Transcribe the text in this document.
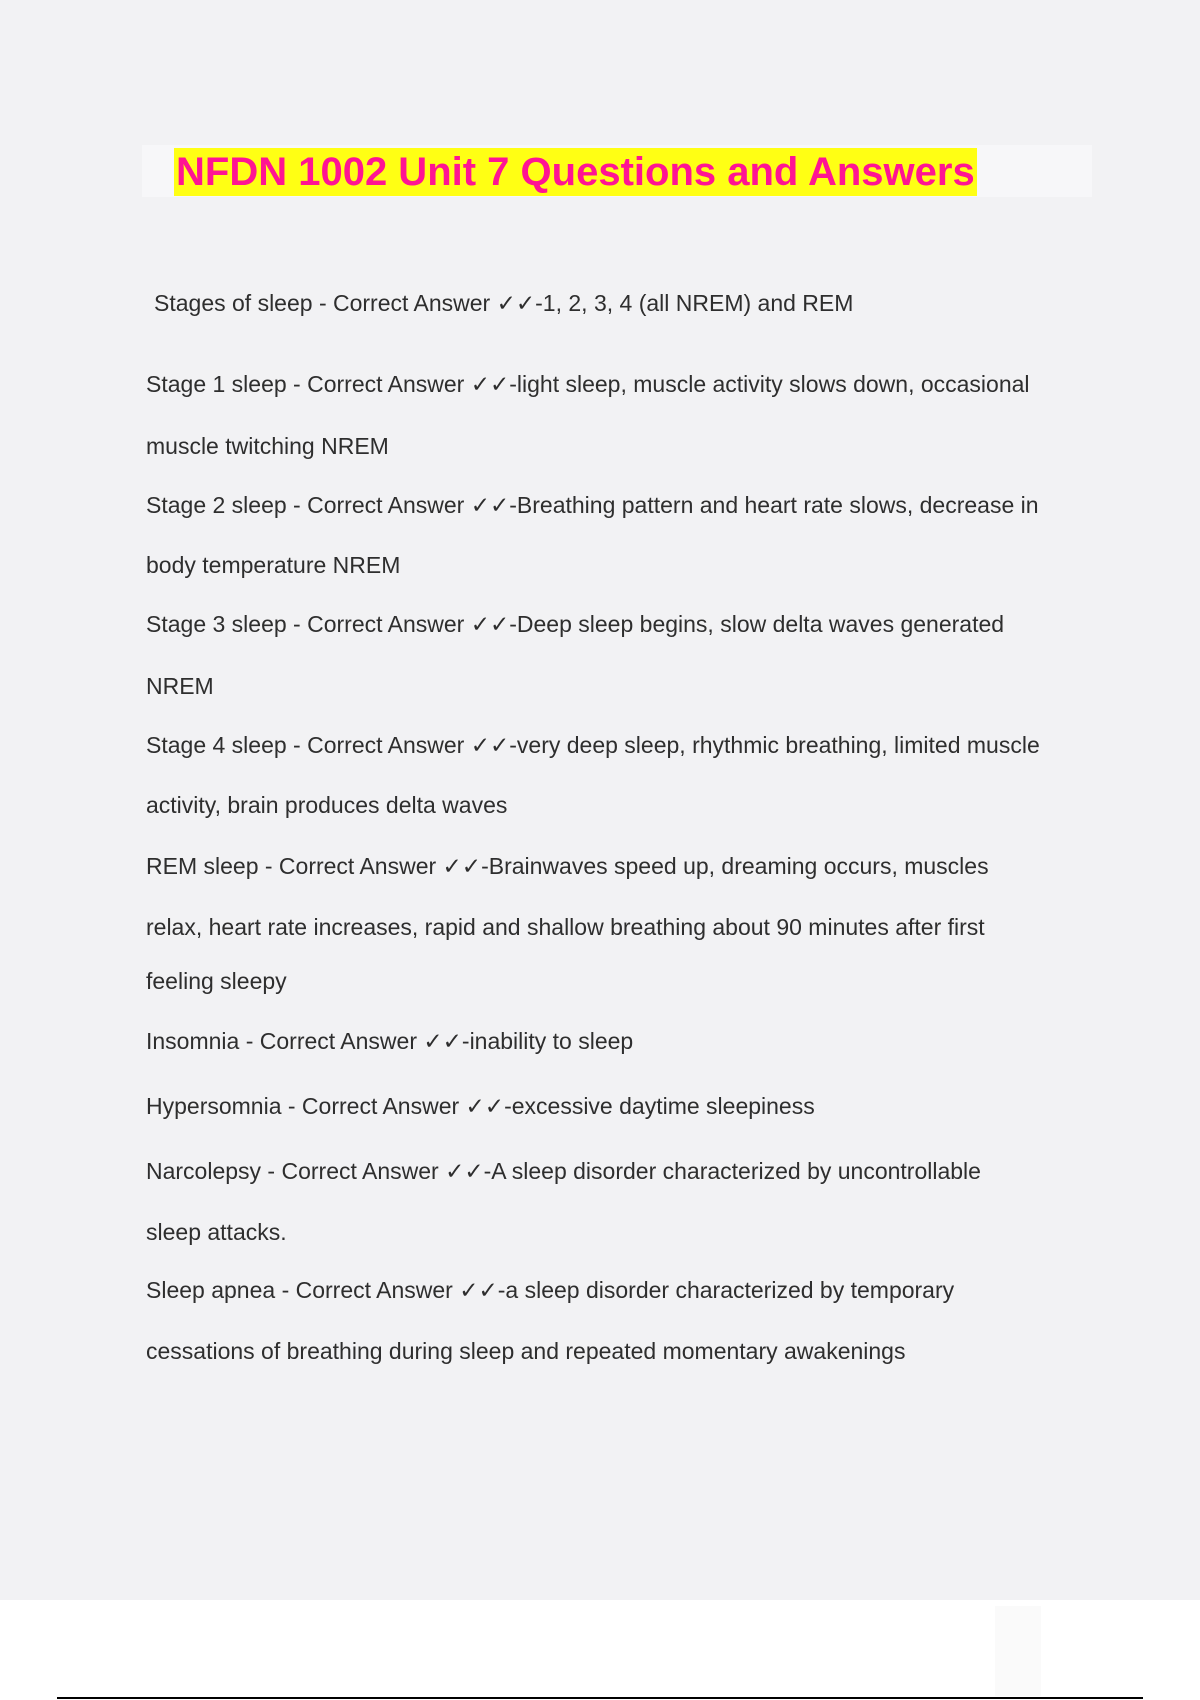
NFDN 1002 Unit 7 Questions and Answers
Stages of sleep - Correct Answer ✓✓-1, 2, 3, 4 (all NREM) and REM
Stage 1 sleep - Correct Answer ✓✓-light sleep, muscle activity slows down, occasional
muscle twitching NREM
Stage 2 sleep - Correct Answer ✓✓-Breathing pattern and heart rate slows, decrease in
body temperature NREM
Stage 3 sleep - Correct Answer ✓✓-Deep sleep begins, slow delta waves generated
NREM
Stage 4 sleep - Correct Answer ✓✓-very deep sleep, rhythmic breathing, limited muscle
activity, brain produces delta waves
REM sleep - Correct Answer ✓✓-Brainwaves speed up, dreaming occurs, muscles
relax, heart rate increases, rapid and shallow breathing about 90 minutes after first
feeling sleepy
Insomnia - Correct Answer ✓✓-inability to sleep
Hypersomnia - Correct Answer ✓✓-excessive daytime sleepiness
Narcolepsy - Correct Answer ✓✓-A sleep disorder characterized by uncontrollable
sleep attacks.
Sleep apnea - Correct Answer ✓✓-a sleep disorder characterized by temporary
cessations of breathing during sleep and repeated momentary awakenings
